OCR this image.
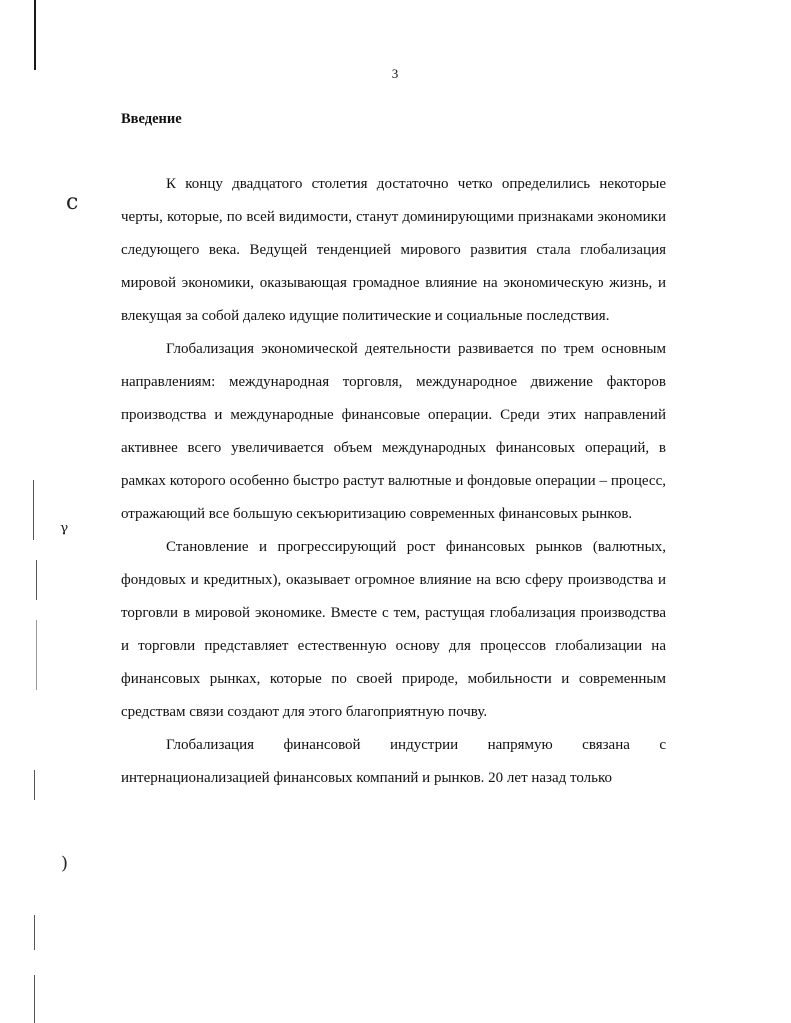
ⅽ
ᵞ
)
3
Введение

К концу двадцатого столетия достаточно четко определились некоторые черты, которые, по всей видимости, станут доминирующими признаками экономики следующего века. Ведущей тенденцией мирового развития стала глобализация мировой экономики, оказывающая громадное влияние на экономическую жизнь, и влекущая за собой далеко идущие политические и социальные последствия.

Глобализация экономической деятельности развивается по трем основным направлениям: международная торговля, международное движение факторов производства и международные финансовые операции. Среди этих направлений активнее всего увеличивается объем международных финансовых операций, в рамках которого особенно быстро растут валютные и фондовые операции – процесс, отражающий все большую секъюритизацию современных финансовых рынков.

Становление и прогрессирующий рост финансовых рынков (валютных, фондовых и кредитных), оказывает огромное влияние на всю сферу производства и торговли в мировой экономике. Вместе с тем, растущая глобализация производства и торговли представляет естественную основу для процессов глобализации на финансовых рынках, которые по своей природе, мобильности и современным средствам связи создают для этого благоприятную почву.

Глобализация финансовой индустрии напрямую связана с интернационализацией финансовых компаний и рынков. 20 лет назад только
